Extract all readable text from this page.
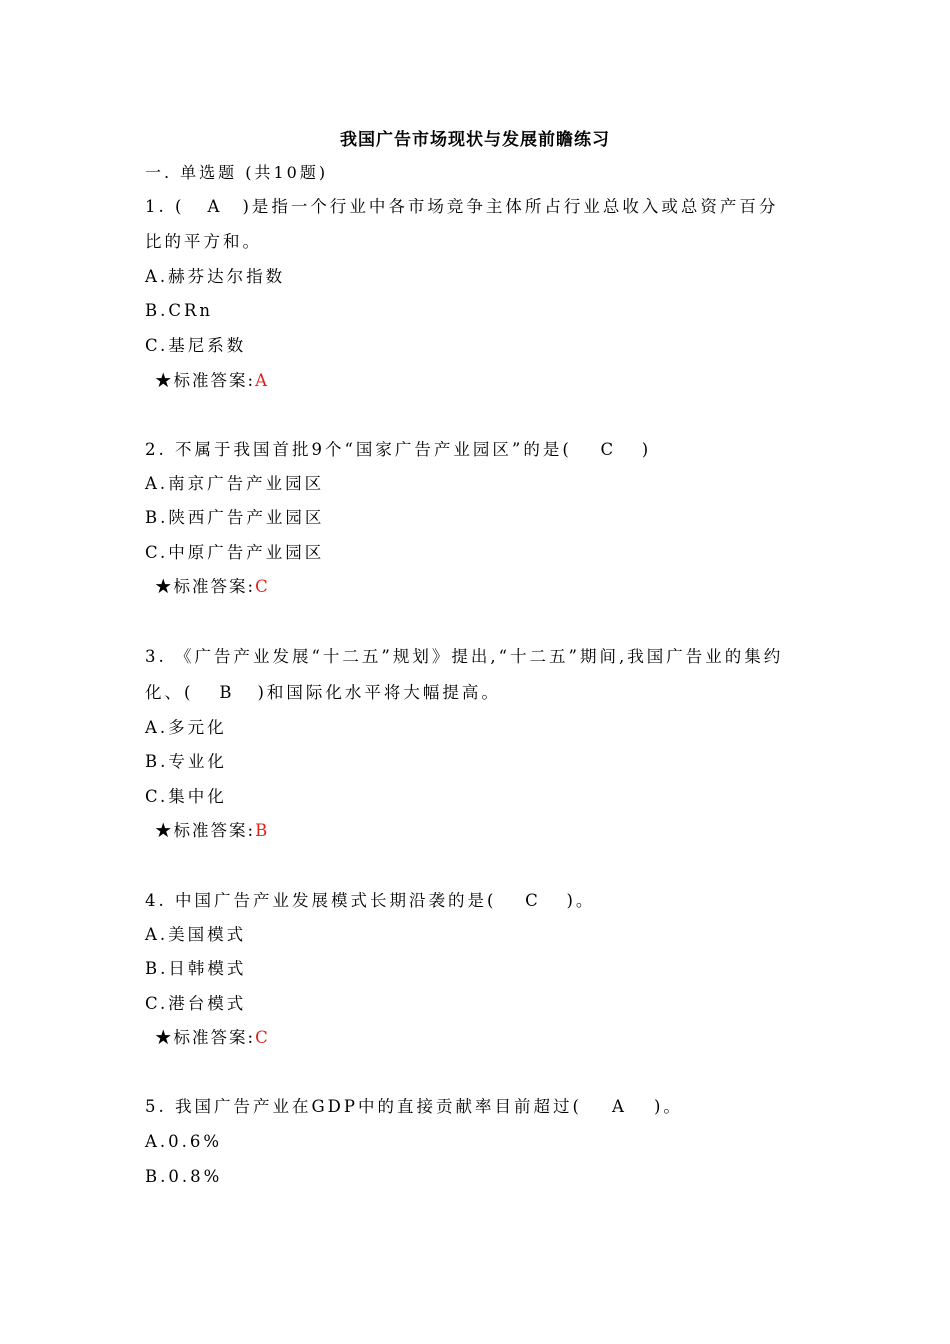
我国广告市场现状与发展前瞻练习
一. 单选题 (共10题)
1. ( A )是指一个行业中各市场竞争主体所占行业总收入或总资产百分
比的平方和。
A.赫芬达尔指数
B.CRn
C.基尼系数
★标准答案:A
2. 不属于我国首批9个“国家广告产业园区”的是( C )
A.南京广告产业园区
B.陕西广告产业园区
C.中原广告产业园区
★标准答案:C
3. 《广告产业发展“十二五”规划》提出,“十二五”期间,我国广告业的集约
化、( B )和国际化水平将大幅提高。
A.多元化
B.专业化
C.集中化
★标准答案:B
4. 中国广告产业发展模式长期沿袭的是( C )。
A.美国模式
B.日韩模式
C.港台模式
★标准答案:C
5. 我国广告产业在GDP中的直接贡献率目前超过( A )。
A.0.6%
B.0.8%
